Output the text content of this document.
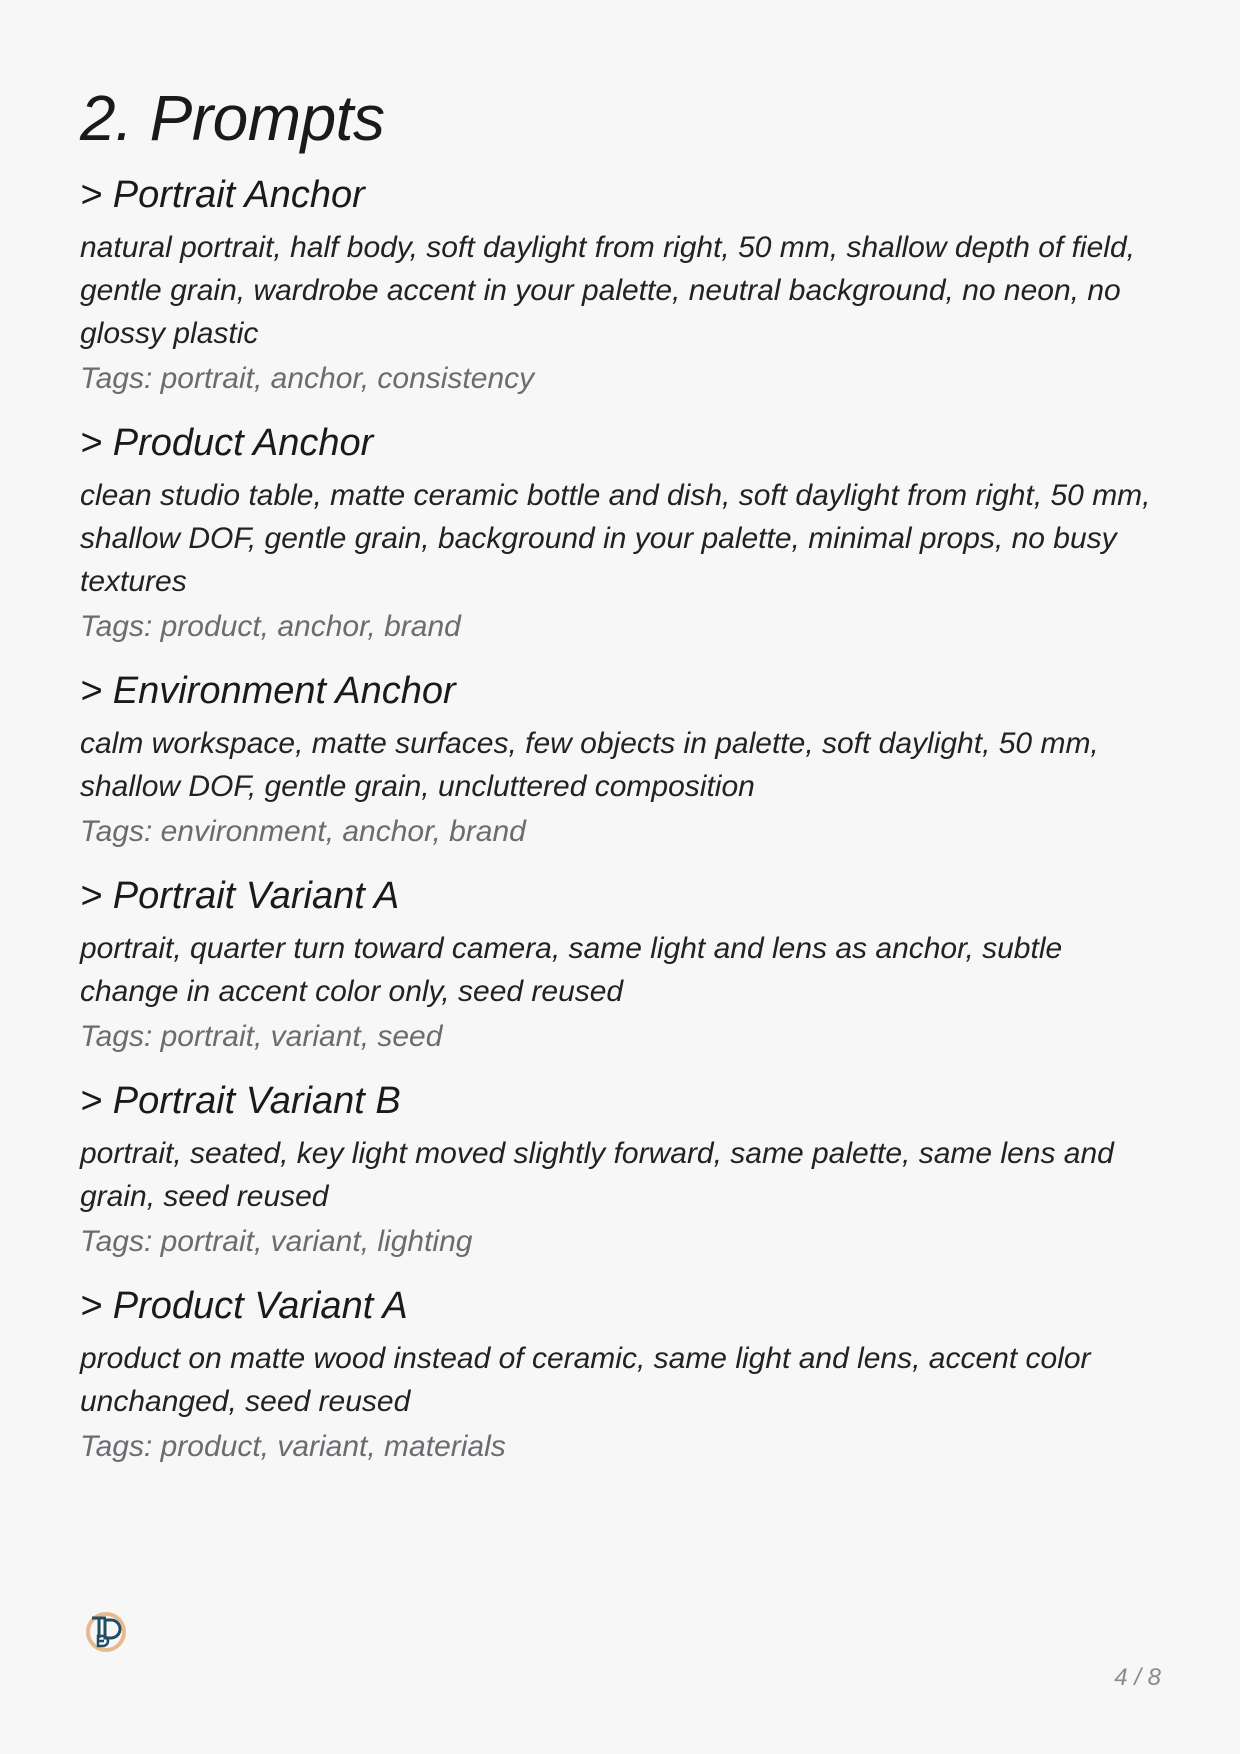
2. Prompts
> Portrait Anchor

natural portrait, half body, soft daylight from right, 50 mm, shallow depth of field, gentle grain, wardrobe accent in your palette, neutral background, no neon, no glossy plastic

Tags: portrait, anchor, consistency

> Product Anchor

clean studio table, matte ceramic bottle and dish, soft daylight from right, 50 mm, shallow DOF, gentle grain, background in your palette, minimal props, no busy textures

Tags: product, anchor, brand

> Environment Anchor

calm workspace, matte surfaces, few objects in palette, soft daylight, 50 mm, shallow DOF, gentle grain, uncluttered composition

Tags: environment, anchor, brand

> Portrait Variant A

portrait, quarter turn toward camera, same light and lens as anchor, subtle change in accent color only, seed reused

Tags: portrait, variant, seed

> Portrait Variant B

portrait, seated, key light moved slightly forward, same palette, same lens and grain, seed reused

Tags: portrait, variant, lighting

> Product Variant A

product on matte wood instead of ceramic, same light and lens, accent color unchanged, seed reused

Tags: product, variant, materials

4 / 8
